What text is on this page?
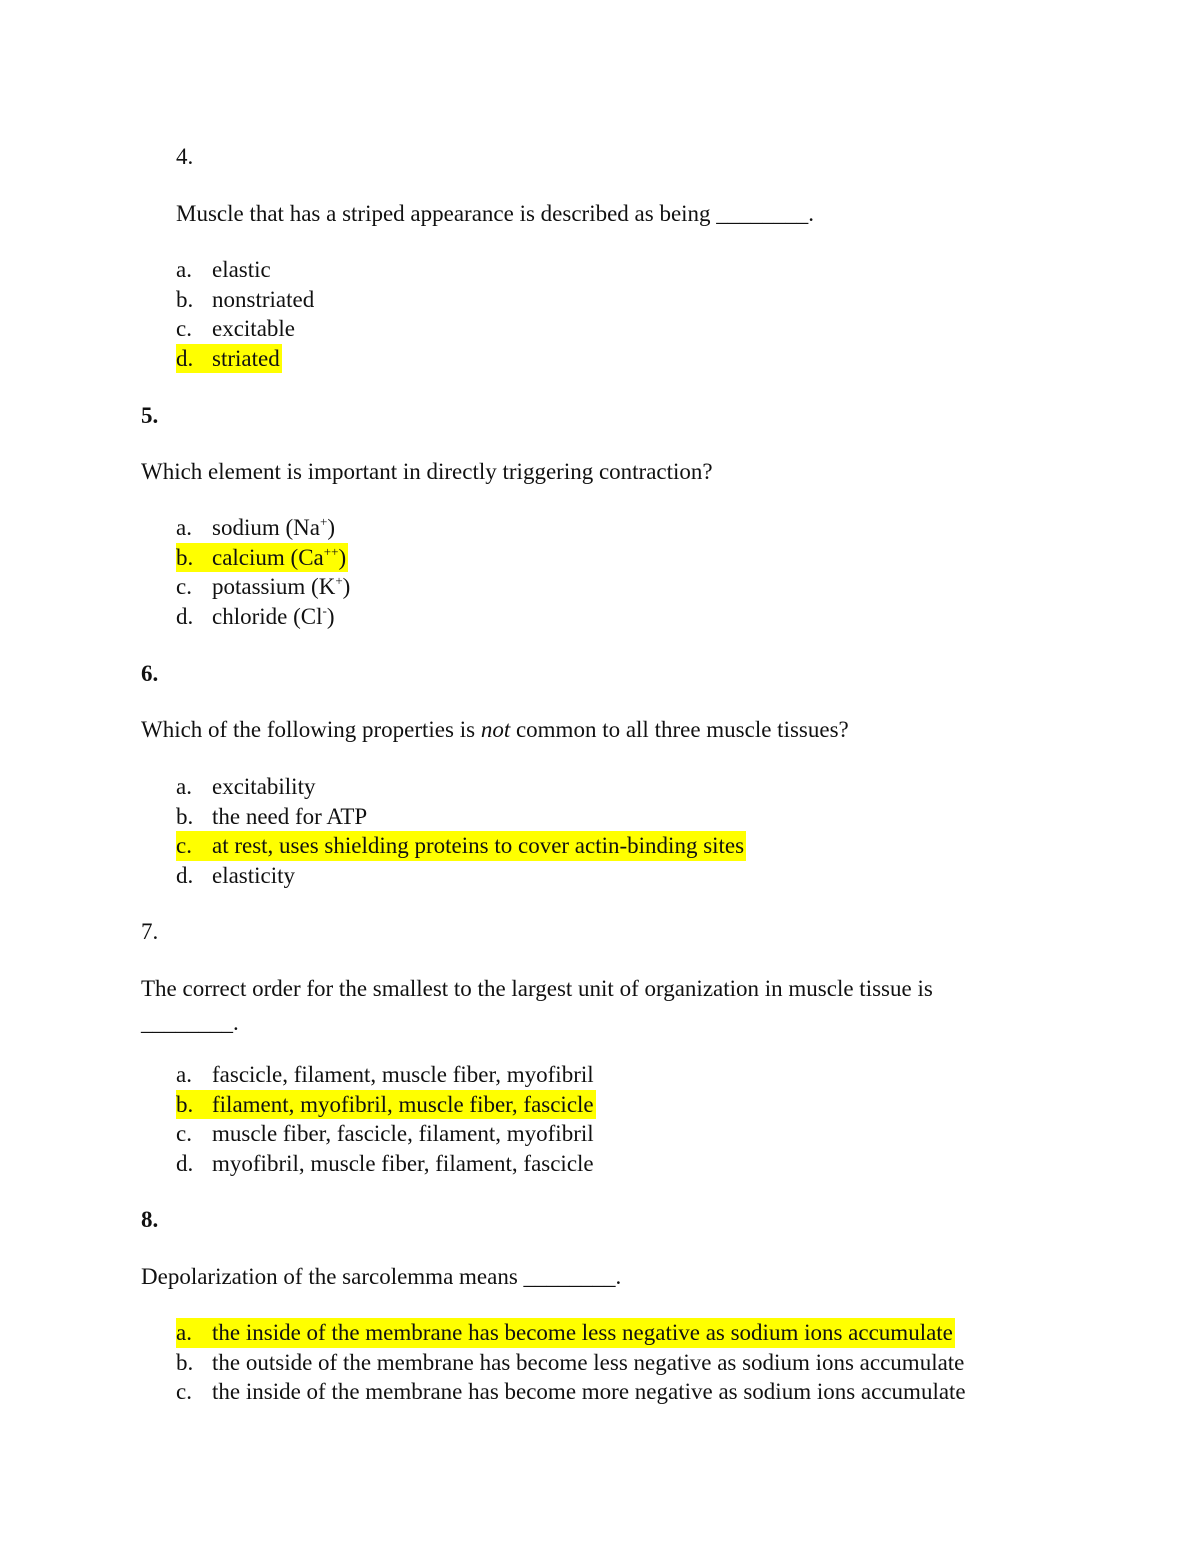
4.
Muscle that has a striped appearance is described as being ________.
a. elastic
b. nonstriated
c. excitable
d. striated
5.
Which element is important in directly triggering contraction?
a. sodium (Na+)
b. calcium (Ca++)
c. potassium (K+)
d. chloride (Cl-)
6.
Which of the following properties is not common to all three muscle tissues?
a. excitability
b. the need for ATP
c. at rest, uses shielding proteins to cover actin-binding sites
d. elasticity
7.
The correct order for the smallest to the largest unit of organization in muscle tissue is
________.
a. fascicle, filament, muscle fiber, myofibril
b. filament, myofibril, muscle fiber, fascicle
c. muscle fiber, fascicle, filament, myofibril
d. myofibril, muscle fiber, filament, fascicle
8.
Depolarization of the sarcolemma means ________.
a. the inside of the membrane has become less negative as sodium ions accumulate
b. the outside of the membrane has become less negative as sodium ions accumulate
c. the inside of the membrane has become more negative as sodium ions accumulate
